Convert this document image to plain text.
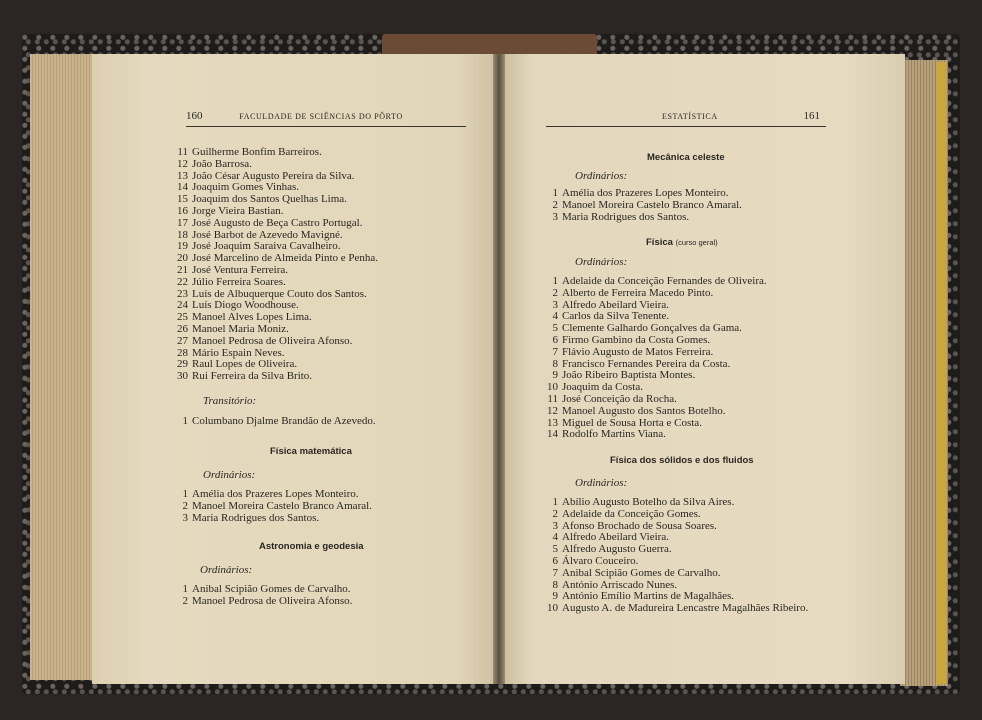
160	FACULDADE DE SCIÊNCIAS DO PÔRTO
11 Guilherme Bonfim Barreiros.
12 João Barrosa.
13 João César Augusto Pereira da Silva.
14 Joaquim Gomes Vinhas.
15 Joaquim dos Santos Quelhas Lima.
16 Jorge Vieira Bastian.
17 José Augusto de Beça Castro Portugal.
18 José Barbot de Azevedo Mavigné.
19 José Joaquim Saraiva Cavalheiro.
20 José Marcelino de Almeida Pinto e Penha.
21 José Ventura Ferreira.
22 Júlio Ferreira Soares.
23 Luís de Albuquerque Couto dos Santos.
24 Luís Diogo Woodhouse.
25 Manoel Alves Lopes Lima.
26 Manoel Maria Moniz.
27 Manoel Pedrosa de Oliveira Afonso.
28 Mário Espain Neves.
29 Raul Lopes de Oliveira.
30 Rui Ferreira da Silva Brito.
Transitório:
1 Columbano Djalme Brandão de Azevedo.
Física matemática
Ordinários:
1 Amélia dos Prazeres Lopes Monteiro.
2 Manoel Moreira Castelo Branco Amaral.
3 Maria Rodrigues dos Santos.
Astronomia e geodesia
Ordinários:
1 Anibal Scipião Gomes de Carvalho.
2 Manoel Pedrosa de Oliveira Afonso.
ESTATÍSTICA	161
Mecânica celeste
Ordinários:
1 Amélia dos Prazeres Lopes Monteiro.
2 Manoel Moreira Castelo Branco Amaral.
3 Maria Rodrigues dos Santos.
Física (curso geral)
Ordinários:
1 Adelaide da Conceição Fernandes de Oliveira.
2 Alberto de Ferreira Macedo Pinto.
3 Alfredo Abeilard Vieira.
4 Carlos da Silva Tenente.
5 Clemente Galhardo Gonçalves da Gama.
6 Firmo Gambino da Costa Gomes.
7 Flávio Augusto de Matos Ferreira.
8 Francisco Fernandes Pereira da Costa.
9 João Ribeiro Baptista Montes.
10 Joaquim da Costa.
11 José Conceição da Rocha.
12 Manoel Augusto dos Santos Botelho.
13 Miguel de Sousa Horta e Costa.
14 Rodolfo Martins Viana.
Física dos sólidos e dos fluidos
Ordinários:
1 Abílio Augusto Botelho da Silva Aires.
2 Adelaide da Conceição Gomes.
3 Afonso Brochado de Sousa Soares.
4 Alfredo Abeilard Vieira.
5 Alfredo Augusto Guerra.
6 Álvaro Couceiro.
7 Anibal Scipião Gomes de Carvalho.
8 António Arriscado Nunes.
9 António Emílio Martins de Magalhães.
10 Augusto A. de Madureira Lencastre Magalhães Ribeiro.
